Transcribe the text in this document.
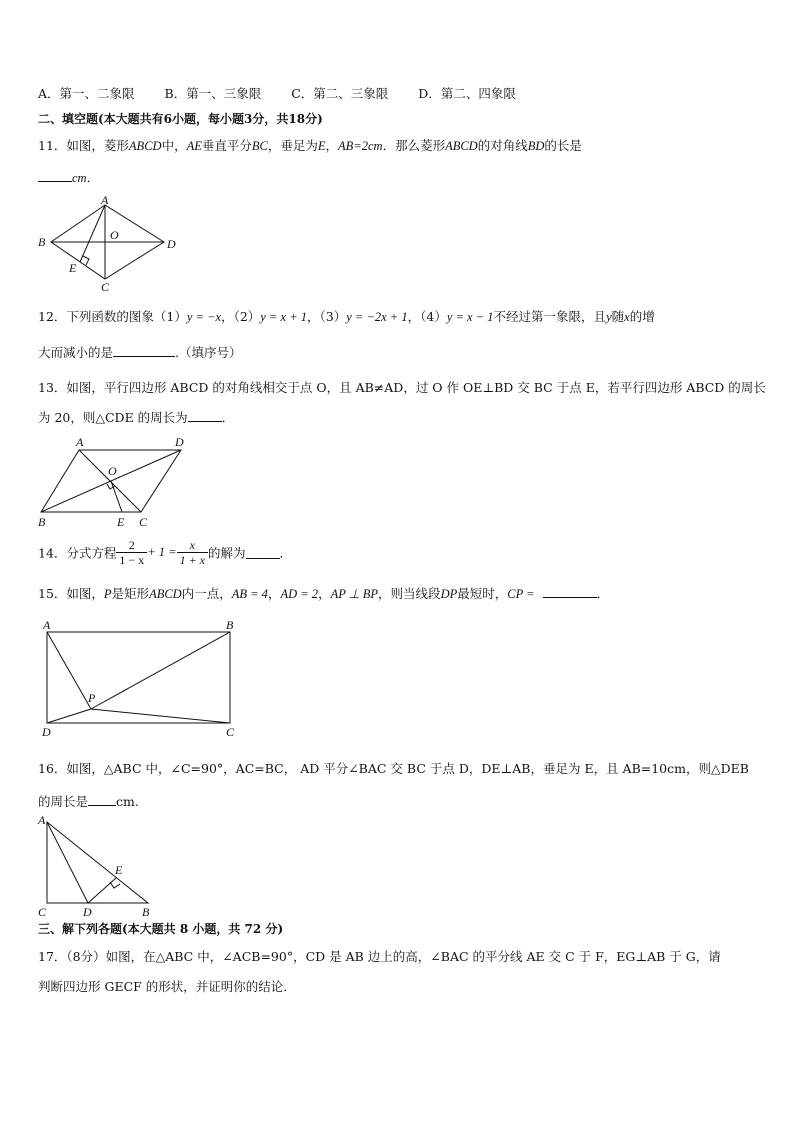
A．第一、二象限 B．第一、三象限 C．第二、三象限 D．第二、四象限
二、填空题(本大题共有6小题，每小题3分，共18分)
11．如图，菱形ABCD中，AE垂直平分BC，垂足为E，AB=2cm．那么菱形ABCD的对角线BD的长是
cm．
A
B
C
D
O
E
12．下列函数的图象（1）y = −x，（2）y = x + 1，（3）y = −2x + 1，（4）y = x − 1不经过第一象限，且y随x的增
大而减小的是	.（填序号）
13．如图，平行四边形 ABCD 的对角线相交于点 O，且 AB≠AD，过 O 作 OE⊥BD 交 BC 于点 E，若平行四边形 ABCD 的周长
为 20，则△CDE 的周长为	．
A	D
B	E C
O
14．分式方程 $\frac{2}{1 - x} + 1 = \frac{x}{1 + x}$ 的解为	．
15．如图，P是矩形ABCD内一点，AB = 4，AD = 2，AP ⊥ BP，则当线段DP最短时，CP =	．
A	B
D	C
P
16．如图，△ABC 中，∠C=90°，AC=BC， AD 平分∠BAC 交 BC 于点 D，DE⊥AB，垂足为 E，且 AB=10cm，则△DEB
的周长是 cm.
A
C	D	B
E
三、解下列各题(本大题共 8 小题，共 72 分)
17．（8分）如图，在△ABC 中，∠ACB=90°，CD 是 AB 边上的高，∠BAC 的平分线 AE 交 C 于 F，EG⊥AB 于 G，请
判断四边形 GECF 的形状，并证明你的结论．
